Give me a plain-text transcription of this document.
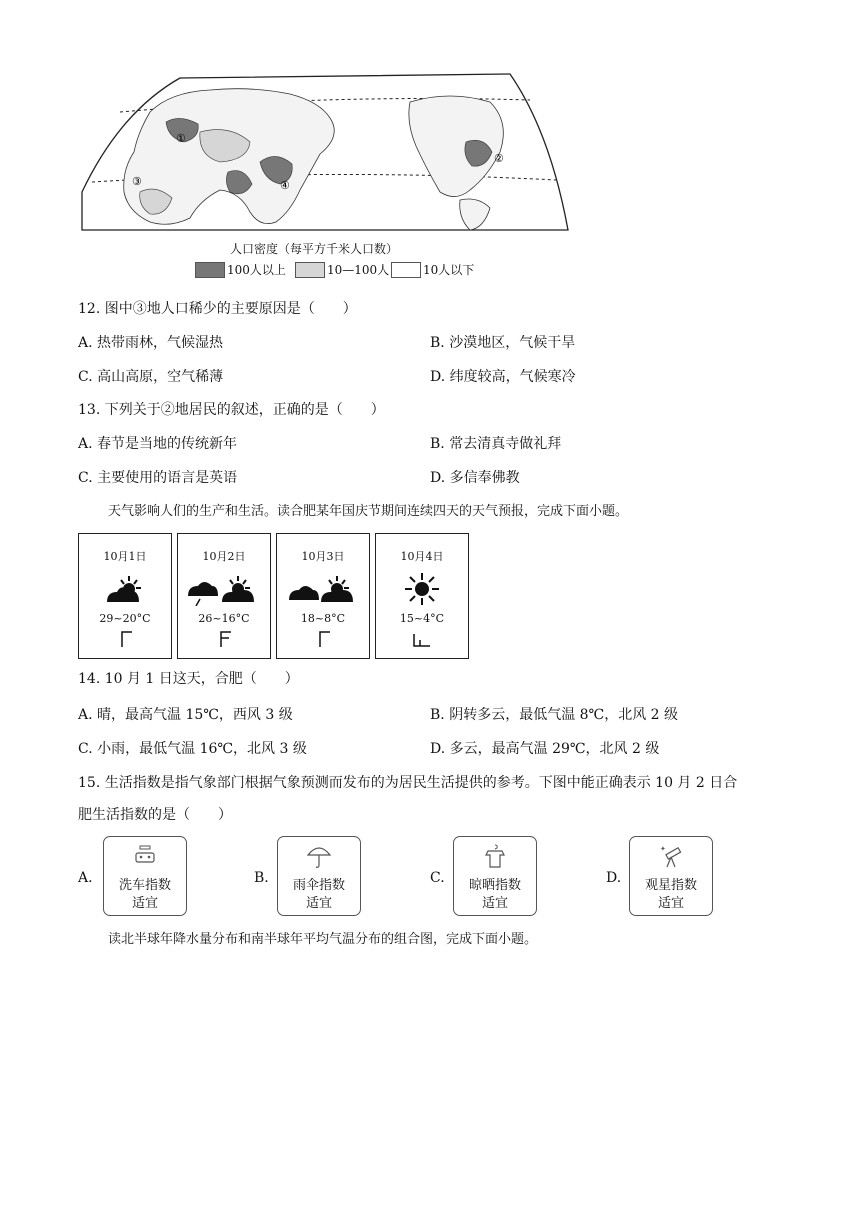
①
②
③	④
人口密度（每平方千米人口数）
100人以上	10—100人	10人以下
12. 图中③地人口稀少的主要原因是（　　）
A. 热带雨林，气候湿热	B. 沙漠地区，气候干旱
C. 高山高原，空气稀薄	D. 纬度较高，气候寒冷
13. 下列关于②地居民的叙述，正确的是（　　）
A. 春节是当地的传统新年	B. 常去清真寺做礼拜
C. 主要使用的语言是英语	D. 多信奉佛教
天气影响人们的生产和生活。读合肥某年国庆节期间连续四天的天气预报，完成下面小题。
10月1日
29~20°C
10月2日
26~16°C
10月3日
18~8°C
10月4日
15~4°C
14. 10 月 1 日这天，合肥（　　）
A. 晴，最高气温 15℃，西风 3 级	B. 阴转多云，最低气温 8℃，北风 2 级
C. 小雨，最低气温 16℃，北风 3 级	D. 多云，最高气温 29℃，北风 2 级
15. 生活指数是指气象部门根据气象预测而发布的为居民生活提供的参考。下图中能正确表示 10 月 2 日合
肥生活指数的是（　　）
A.	洗车指数
适宜
B.	雨伞指数
适宜
C.	晾晒指数
适宜
D.
✦
观星指数
适宜
读北半球年降水量分布和南半球年平均气温分布的组合图，完成下面小题。
